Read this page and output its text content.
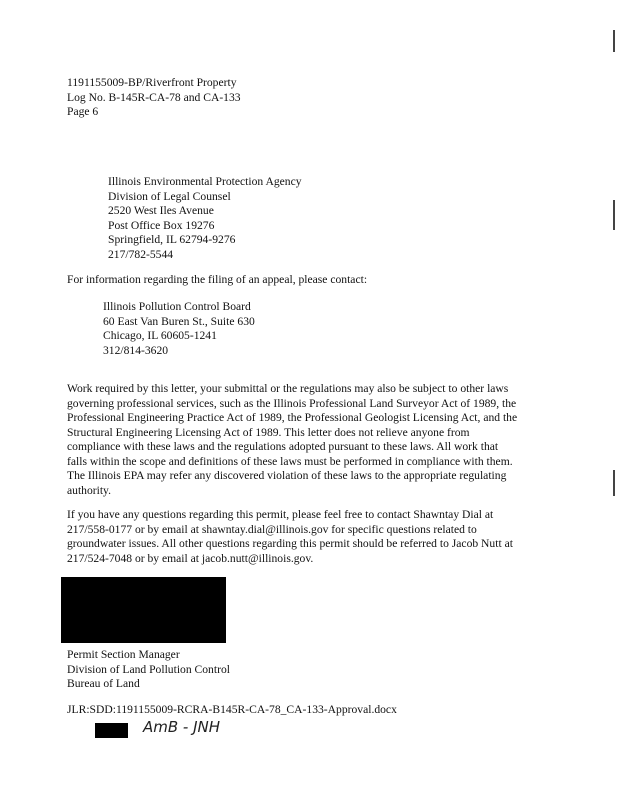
1191155009-BP/Riverfront Property
Log No. B-145R-CA-78 and CA-133
Page 6
Illinois Environmental Protection Agency
Division of Legal Counsel
2520 West Iles Avenue
Post Office Box 19276
Springfield, IL 62794-9276
217/782-5544

For information regarding the filing of an appeal, please contact:

Illinois Pollution Control Board
60 East Van Buren St., Suite 630
Chicago, IL 60605-1241
312/814-3620
Work required by this letter, your submittal or the regulations may also be subject to other laws
governing professional services, such as the Illinois Professional Land Surveyor Act of 1989, the
Professional Engineering Practice Act of 1989, the Professional Geologist Licensing Act, and the
Structural Engineering Licensing Act of 1989. This letter does not relieve anyone from
compliance with these laws and the regulations adopted pursuant to these laws. All work that
falls within the scope and definitions of these laws must be performed in compliance with them.
The Illinois EPA may refer any discovered violation of these laws to the appropriate regulating
authority.
If you have any questions regarding this permit, please feel free to contact Shawntay Dial at
217/558-0177 or by email at shawntay.dial@illinois.gov for specific questions related to
groundwater issues. All other questions regarding this permit should be referred to Jacob Nutt at
217/524-7048 or by email at jacob.nutt@illinois.gov.
Permit Section Manager
Division of Land Pollution Control
Bureau of Land

JLR:SDD:1191155009-RCRA-B145R-CA-78_CA-133-Approval.docx

AmB - JNH
